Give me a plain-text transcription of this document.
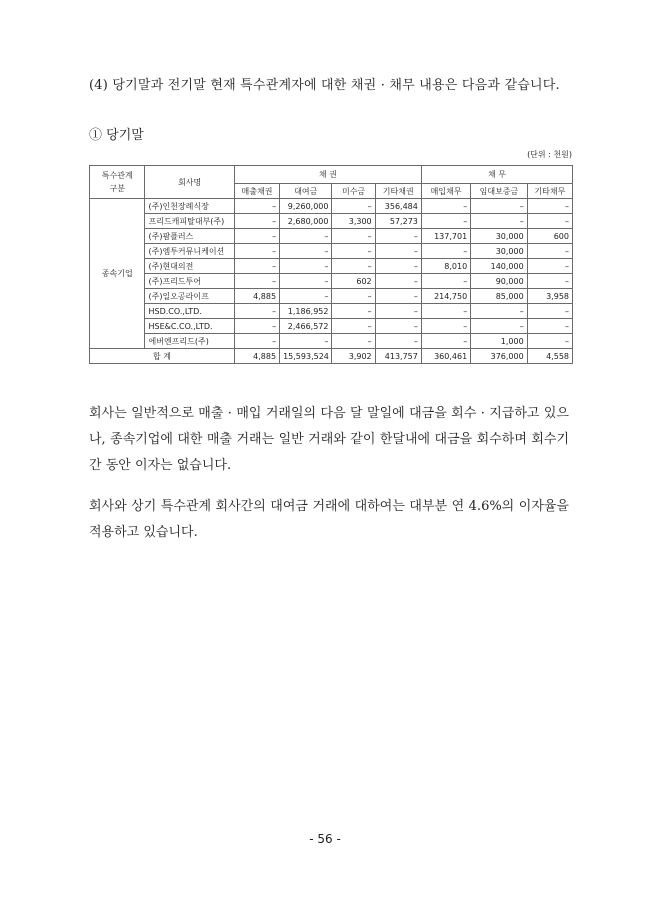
(4) 당기말과 전기말 현재 특수관계자에 대한 채권 · 채무 내용은 다음과 같습니다.
① 당기말
(단위 : 천원)
특수관계
구분	회사명	채 권				채 무		
		매출채권	대여금	미수금	기타채권	매입채무	임대보증금	기타채무
종속기업	(주)인천장례식장	–	9,260,000	–	356,484	–	–	–
	프리드캐피탈대부(주)	–	2,680,000	3,300	57,273	–	–	–
	(주)팜플러스	–	–	–	–	137,701	30,000	600
	(주)엠투커뮤니케이션	–	–	–	–	–	30,000	–
	(주)현대의전	–	–	–	–	8,010	140,000	–
	(주)프리드투어	–	–	602	–	–	90,000	–
	(주)일오공라이프	4,885	–	–	–	214,750	85,000	3,958
	HSD.CO.,LTD.	–	1,186,952	–	–	–	–	–
	HSE&C.CO.,LTD.	–	2,466,572	–	–	–	–	–
	에버엔프리드(주)	–	–	–	–	–	1,000	–
합 계		4,885	15,593,524	3,902	413,757	360,461	376,000	4,558
회사는 일반적으로 매출 · 매입 거래일의 다음 달 말일에 대금을 회수 · 지급하고 있으나, 종속기업에 대한 매출 거래는 일반 거래와 같이 한달내에 대금을 회수하며 회수기간 동안 이자는 없습니다.
회사와 상기 특수관계 회사간의 대여금 거래에 대하여는 대부분 연 4.6%의 이자율을 적용하고 있습니다.
- 56 -
